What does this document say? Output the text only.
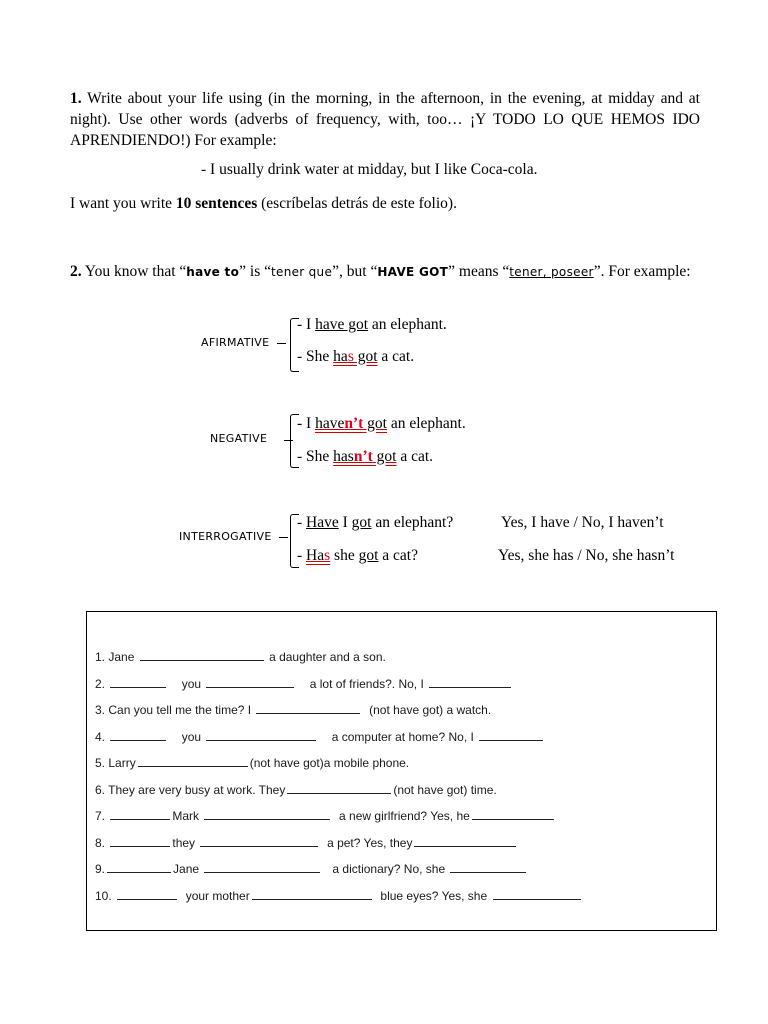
1. Write about your life using (in the morning, in the afternoon, in the evening, at midday and at night). Use other words (adverbs of frequency, with, too… ¡Y TODO LO QUE HEMOS IDO APRENDIENDO!) For example:
- I usually drink water at midday, but I like Coca-cola.
I want you write 10 sentences (escríbelas detrás de este folio).
2. You know that “have to” is “tener que”, but “HAVE GOT” means “tener, poseer”. For example:
AFIRMATIVE
- I have got an elephant.
- She has got a cat.
NEGATIVE
- I haven’t got an elephant.
- She hasn’t got a cat.
INTERROGATIVE
- Have I got an elephant?	Yes, I have / No, I haven’t
- Has she got a cat?	Yes, she has / No, she hasn’t
1. Jane	a daughter and a son.
2.	you	a lot of friends?. No, I
3. Can you tell me the time? I	(not have got) a watch.
4.	you	a computer at home? No, I
5. Larry	(not have got)a mobile phone.
6. They are very busy at work. They	(not have got) time.
7.	Mark	a new girlfriend? Yes, he
8.	they	a pet? Yes, they
9.	Jane	a dictionary? No, she
10.	your mother	blue eyes? Yes, she
